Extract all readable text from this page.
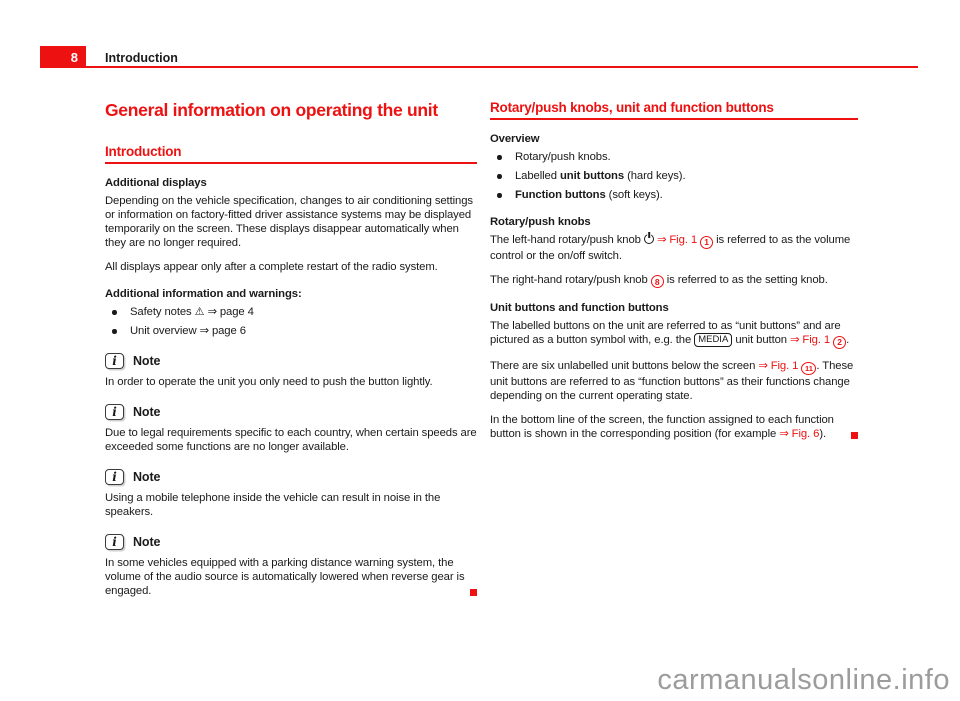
8	Introduction
General information on operating the unit
Introduction

Additional displays

Depending on the vehicle specification, changes to air conditioning settings or information on factory-fitted driver assistance systems may be displayed temporarily on the screen. These displays disappear automatically when they are no longer required.

All displays appear only after a complete restart of the radio system.

Additional information and warnings:

Safety notes ⚠ ⇒ page 4
Unit overview ⇒ page 6
i	Note

In order to operate the unit you only need to push the button lightly.

i	Note

Due to legal requirements specific to each country, when certain speeds are exceeded some functions are no longer available.

i	Note

Using a mobile telephone inside the vehicle can result in noise in the speakers.

i	Note

In some vehicles equipped with a parking distance warning system, the volume of the audio source is automatically lowered when reverse gear is engaged.

Rotary/push knobs, unit and function buttons

Overview

Rotary/push knobs.
Labelled unit buttons (hard keys).
Function buttons (soft keys).

Rotary/push knobs

The left-hand rotary/push knob  ⇒ Fig. 1 1 is referred to as the volume control or the on/off switch.

The right-hand rotary/push knob 8 is referred to as the setting knob.

Unit buttons and function buttons

The labelled buttons on the unit are referred to as “unit buttons” and are pictured as a button symbol with, e.g. the MEDIA unit button ⇒ Fig. 1 2 .

There are six unlabelled unit buttons below the screen ⇒ Fig. 1 11 . These unit buttons are referred to as “function buttons” as their functions change depending on the current operating state.

In the bottom line of the screen, the function assigned to each function button is shown in the corresponding position (for example ⇒ Fig. 6).

carmanualsonline.info
